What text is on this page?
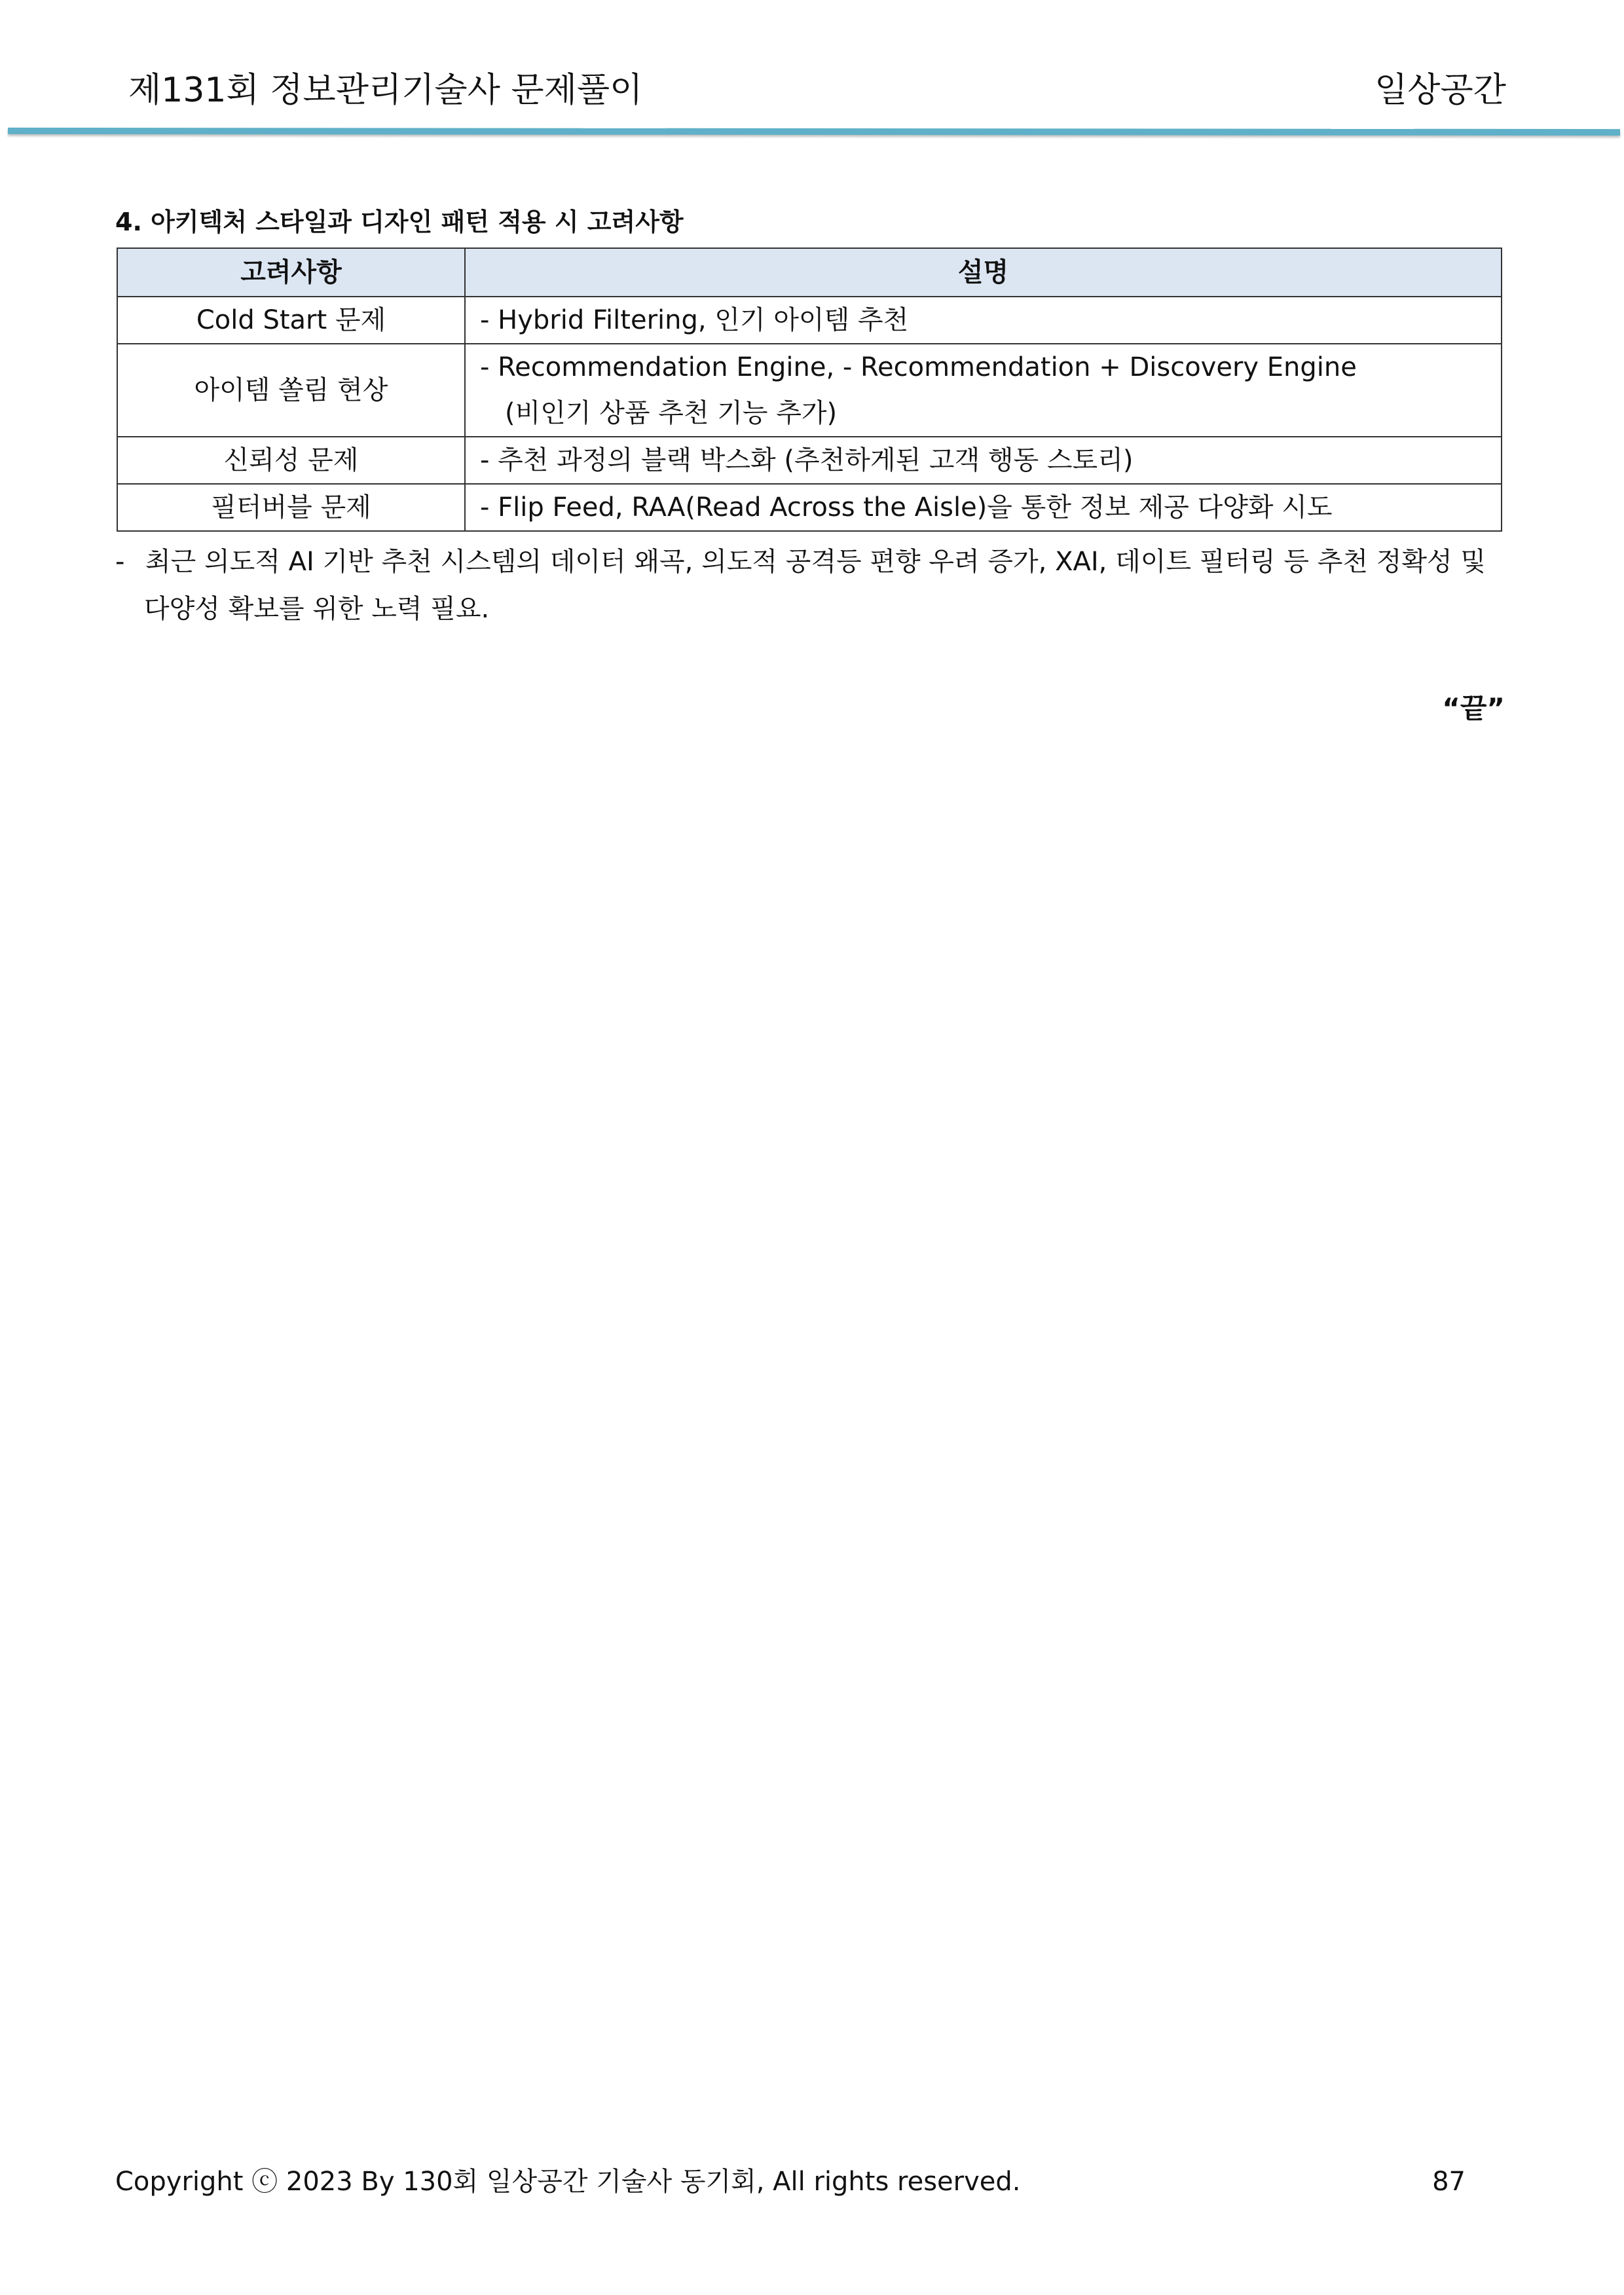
제131회 정보관리기술사 문제풀이	일상공간
4. 아키텍처 스타일과 디자인 패턴 적용 시 고려사항
고려사항	설명
Cold Start 문제	- Hybrid Filtering, 인기 아이템 추천
아이템 쏠림 현상	- Recommendation Engine, - Recommendation + Discovery Engine
(비인기 상품 추천 기능 추가)

신뢰성 문제	- 추천 과정의 블랙 박스화 (추천하게된 고객 행동 스토리)
필터버블 문제	- Flip Feed, RAA(Read Across the Aisle)을 통한 정보 제공 다양화 시도
- 최근 의도적 AI 기반 추천 시스템의 데이터 왜곡, 의도적 공격등 편향 우려 증가, XAI, 데이트 필터링 등 추천 정확성 및 다양성 확보를 위한 노력 필요.
“끝”
Copyright ⓒ 2023 By 130회 일상공간 기술사 동기회, All rights reserved.	87
